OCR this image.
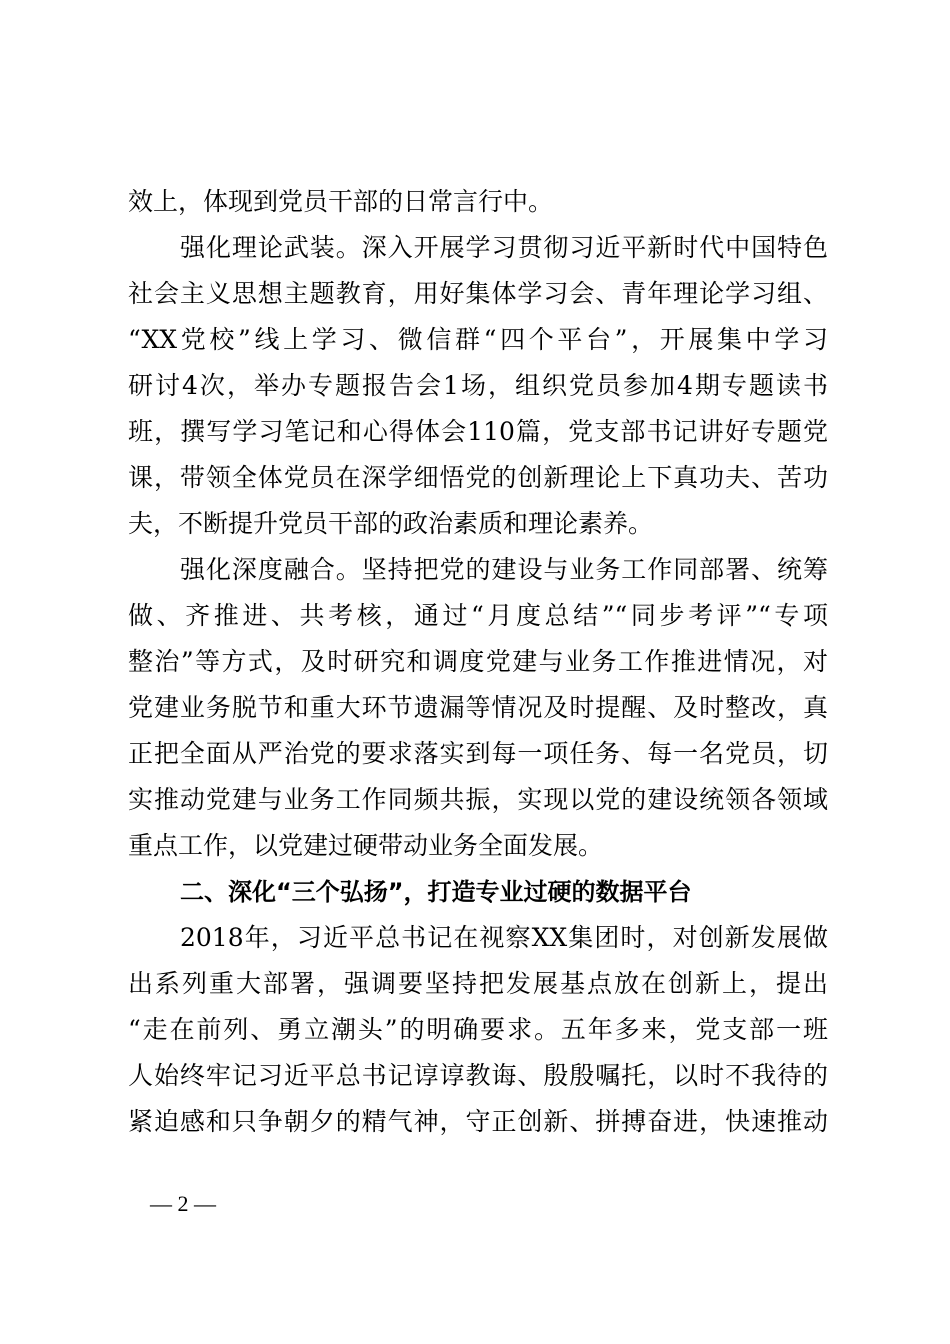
效上，体现到党员干部的日常言行中。
强化理论武装。深入开展学习贯彻习近平新时代中国特色
社会主义思想主题教育，用好集体学习会、青年理论学习组、
“XX党校”线上学习、微信群“四个平台”，开展集中学习
研讨4次，举办专题报告会1场，组织党员参加4期专题读书
班，撰写学习笔记和心得体会110篇，党支部书记讲好专题党
课，带领全体党员在深学细悟党的创新理论上下真功夫、苦功
夫，不断提升党员干部的政治素质和理论素养。
强化深度融合。坚持把党的建设与业务工作同部署、统筹
做、齐推进、共考核，通过“月度总结”“同步考评”“专项
整治”等方式，及时研究和调度党建与业务工作推进情况，对
党建业务脱节和重大环节遗漏等情况及时提醒、及时整改，真
正把全面从严治党的要求落实到每一项任务、每一名党员，切
实推动党建与业务工作同频共振，实现以党的建设统领各领域
重点工作，以党建过硬带动业务全面发展。
二、深化“三个弘扬”，打造专业过硬的数据平台
2018年，习近平总书记在视察XX集团时，对创新发展做
出系列重大部署，强调要坚持把发展基点放在创新上，提出
“走在前列、勇立潮头”的明确要求。五年多来，党支部一班
人始终牢记习近平总书记谆谆教诲、殷殷嘱托，以时不我待的
紧迫感和只争朝夕的精气神，守正创新、拼搏奋进，快速推动
— 2 —
